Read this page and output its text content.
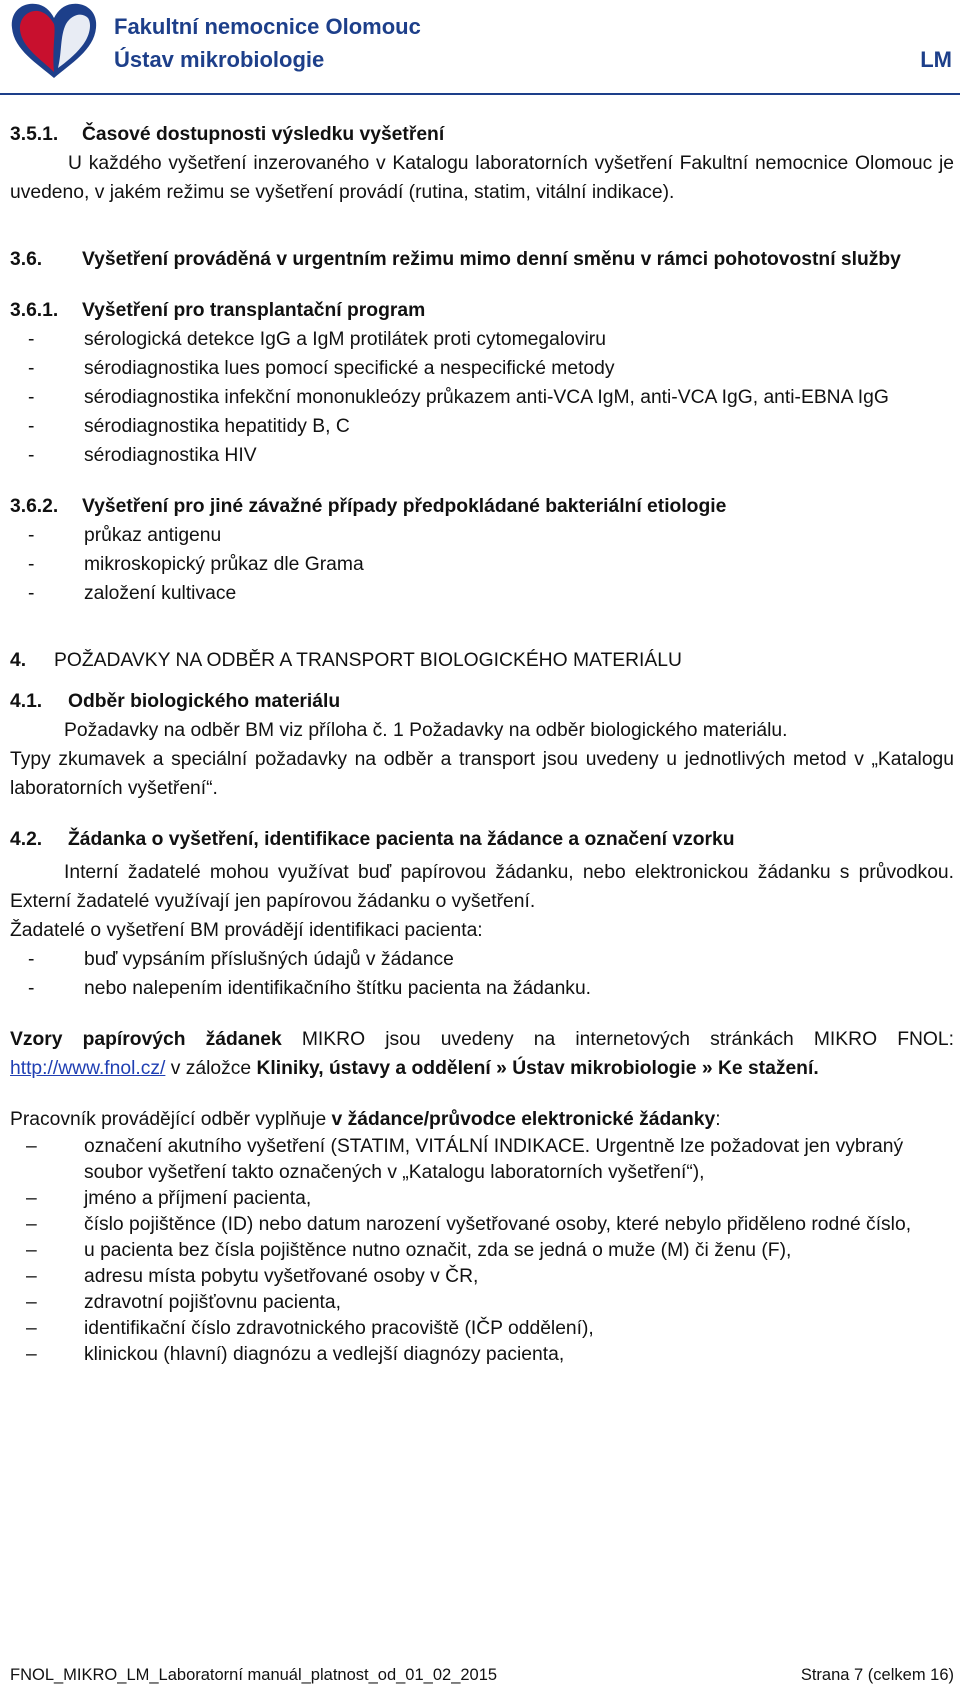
Fakultní nemocnice Olomouc
Ústav mikrobiologie	LM

3.5.1. Časové dostupnosti výsledku vyšetření

U každého vyšetření inzerovaného v Katalogu laboratorních vyšetření Fakultní nemocnice Olomouc je uvedeno, v jakém režimu se vyšetření provádí (rutina, statim, vitální indikace).

3.6. Vyšetření prováděná v urgentním režimu mimo denní směnu v rámci pohotovostní služby

3.6.1. Vyšetření pro transplantační program

- sérologická detekce IgG a IgM protilátek proti cytomegaloviru
- sérodiagnostika lues pomocí specifické a nespecifické metody
- sérodiagnostika infekční mononukleózy průkazem anti-VCA IgM, anti-VCA IgG, anti-EBNA IgG
- sérodiagnostika hepatitidy B, C
- sérodiagnostika HIV

3.6.2. Vyšetření pro jiné závažné případy předpokládané bakteriální etiologie

- průkaz antigenu
- mikroskopický průkaz dle Grama
- založení kultivace

4. POŽADAVKY NA ODBĚR A TRANSPORT BIOLOGICKÉHO MATERIÁLU

4.1. Odběr biologického materiálu

Požadavky na odběr BM viz příloha č. 1 Požadavky na odběr biologického materiálu.

Typy zkumavek a speciální požadavky na odběr a transport jsou uvedeny u jednotlivých metod v „Katalogu laboratorních vyšetření“.

4.2. Žádanka o vyšetření, identifikace pacienta na žádance a označení vzorku

Interní žadatelé mohou využívat buď papírovou žádanku, nebo elektronickou žádanku s průvodkou. Externí žadatelé využívají jen papírovou žádanku o vyšetření.

Žadatelé o vyšetření BM provádějí identifikaci pacienta:

- buď vypsáním příslušných údajů v žádance
- nebo nalepením identifikačního štítku pacienta na žádanku.

Vzory papírových žádanek MIKRO jsou uvedeny na internetových stránkách MIKRO FNOL: http://www.fnol.cz/ v záložce Kliniky, ústavy a oddělení » Ústav mikrobiologie » Ke stažení.

Pracovník provádějící odběr vyplňuje v žádance/průvodce elektronické žádanky:

– označení akutního vyšetření (STATIM, VITÁLNÍ INDIKACE. Urgentně lze požadovat jen vybraný soubor vyšetření takto označených v „Katalogu laboratorních vyšetření“),
– jméno a příjmení pacienta,
– číslo pojištěnce (ID) nebo datum narození vyšetřované osoby, které nebylo přiděleno rodné číslo,
– u pacienta bez čísla pojištěnce nutno označit, zda se jedná o muže (M) či ženu (F),
– adresu místa pobytu vyšetřované osoby v ČR,
– zdravotní pojišťovnu pacienta,
– identifikační číslo zdravotnického pracoviště (IČP oddělení),
– klinickou (hlavní) diagnózu a vedlejší diagnózy pacienta,
FNOL_MIKRO_LM_Laboratorní manuál_platnost_od_01_02_2015	Strana 7 (celkem 16)
